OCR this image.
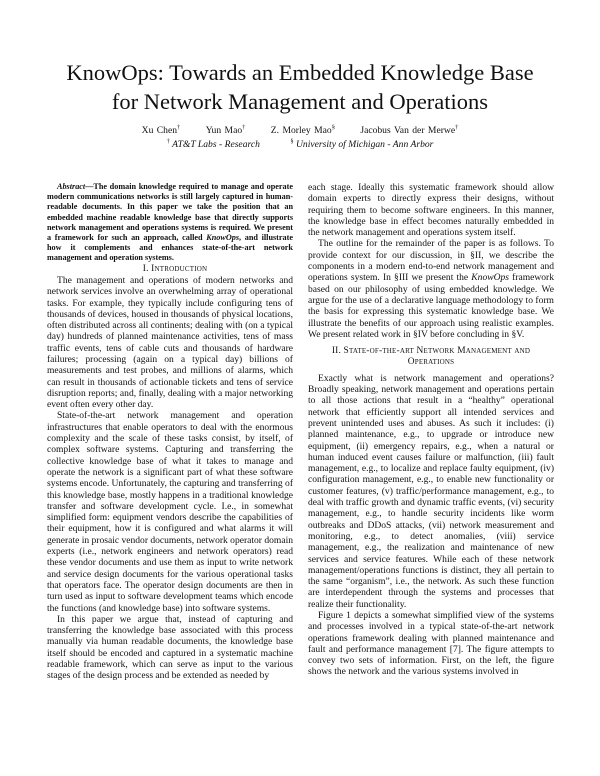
KnowOps: Towards an Embedded Knowledge Base
for Network Management and Operations
Xu Chen†	Yun Mao†	Z. Morley Mao§	Jacobus Van der Merwe†
† AT&T Labs - Research	§ University of Michigan - Ann Arbor

Abstract—The domain knowledge required to manage and operate modern communications networks is still largely captured in human-readable documents. In this paper we take the position that an embedded machine readable knowledge base that directly supports network management and operations systems is required. We present a framework for such an approach, called KnowOps, and illustrate how it complements and enhances state-of-the-art network management and operation systems.

I. Introduction

The management and operations of modern networks and network services involve an overwhelming array of operational tasks. For example, they typically include configuring tens of thousands of devices, housed in thousands of physical locations, often distributed across all continents; dealing with (on a typical day) hundreds of planned maintenance activities, tens of mass traffic events, tens of cable cuts and thousands of hardware failures; processing (again on a typical day) billions of measurements and test probes, and millions of alarms, which can result in thousands of actionable tickets and tens of service disruption reports; and, finally, dealing with a major networking event often every other day.

State-of-the-art network management and operation infrastructures that enable operators to deal with the enormous complexity and the scale of these tasks consist, by itself, of complex software systems. Capturing and transferring the collective knowledge base of what it takes to manage and operate the network is a significant part of what these software systems encode. Unfortunately, the capturing and transferring of this knowledge base, mostly happens in a traditional knowledge transfer and software development cycle. I.e., in somewhat simplified form: equipment vendors describe the capabilities of their equipment, how it is configured and what alarms it will generate in prosaic vendor documents, network operator domain experts (i.e., network engineers and network operators) read these vendor documents and use them as input to write network and service design documents for the various operational tasks that operators face. The operator design documents are then in turn used as input to software development teams which encode the functions (and knowledge base) into software systems.

In this paper we argue that, instead of capturing and transferring the knowledge base associated with this process manually via human readable documents, the knowledge base itself should be encoded and captured in a systematic machine readable framework, which can serve as input to the various stages of the design process and be extended as needed by

each stage. Ideally this systematic framework should allow domain experts to directly express their designs, without requiring them to become software engineers. In this manner, the knowledge base in effect becomes naturally embedded in the network management and operations system itself.

The outline for the remainder of the paper is as follows. To provide context for our discussion, in §II, we describe the components in a modern end-to-end network management and operations system. In §III we present the KnowOps framework based on our philosophy of using embedded knowledge. We argue for the use of a declarative language methodology to form the basis for expressing this systematic knowledge base. We illustrate the benefits of our approach using realistic examples. We present related work in §IV before concluding in §V.

II. State-of-the-art Network Management and
Operations

Exactly what is network management and operations? Broadly speaking, network management and operations pertain to all those actions that result in a “healthy” operational network that efficiently support all intended services and prevent unintended uses and abuses. As such it includes: (i) planned maintenance, e.g., to upgrade or introduce new equipment, (ii) emergency repairs, e.g., when a natural or human induced event causes failure or malfunction, (iii) fault management, e.g., to localize and replace faulty equipment, (iv) configuration management, e.g., to enable new functionality or customer features, (v) traffic/performance management, e.g., to deal with traffic growth and dynamic traffic events, (vi) security management, e.g., to handle security incidents like worm outbreaks and DDoS attacks, (vii) network measurement and monitoring, e.g., to detect anomalies, (viii) service management, e.g., the realization and maintenance of new services and service features. While each of these network management/operations functions is distinct, they all pertain to the same “organism”, i.e., the network. As such these function are interdependent through the systems and processes that realize their functionality.

Figure 1 depicts a somewhat simplified view of the systems and processes involved in a typical state-of-the-art network operations framework dealing with planned maintenance and fault and performance management [7]. The figure attempts to convey two sets of information. First, on the left, the figure shows the network and the various systems involved in
